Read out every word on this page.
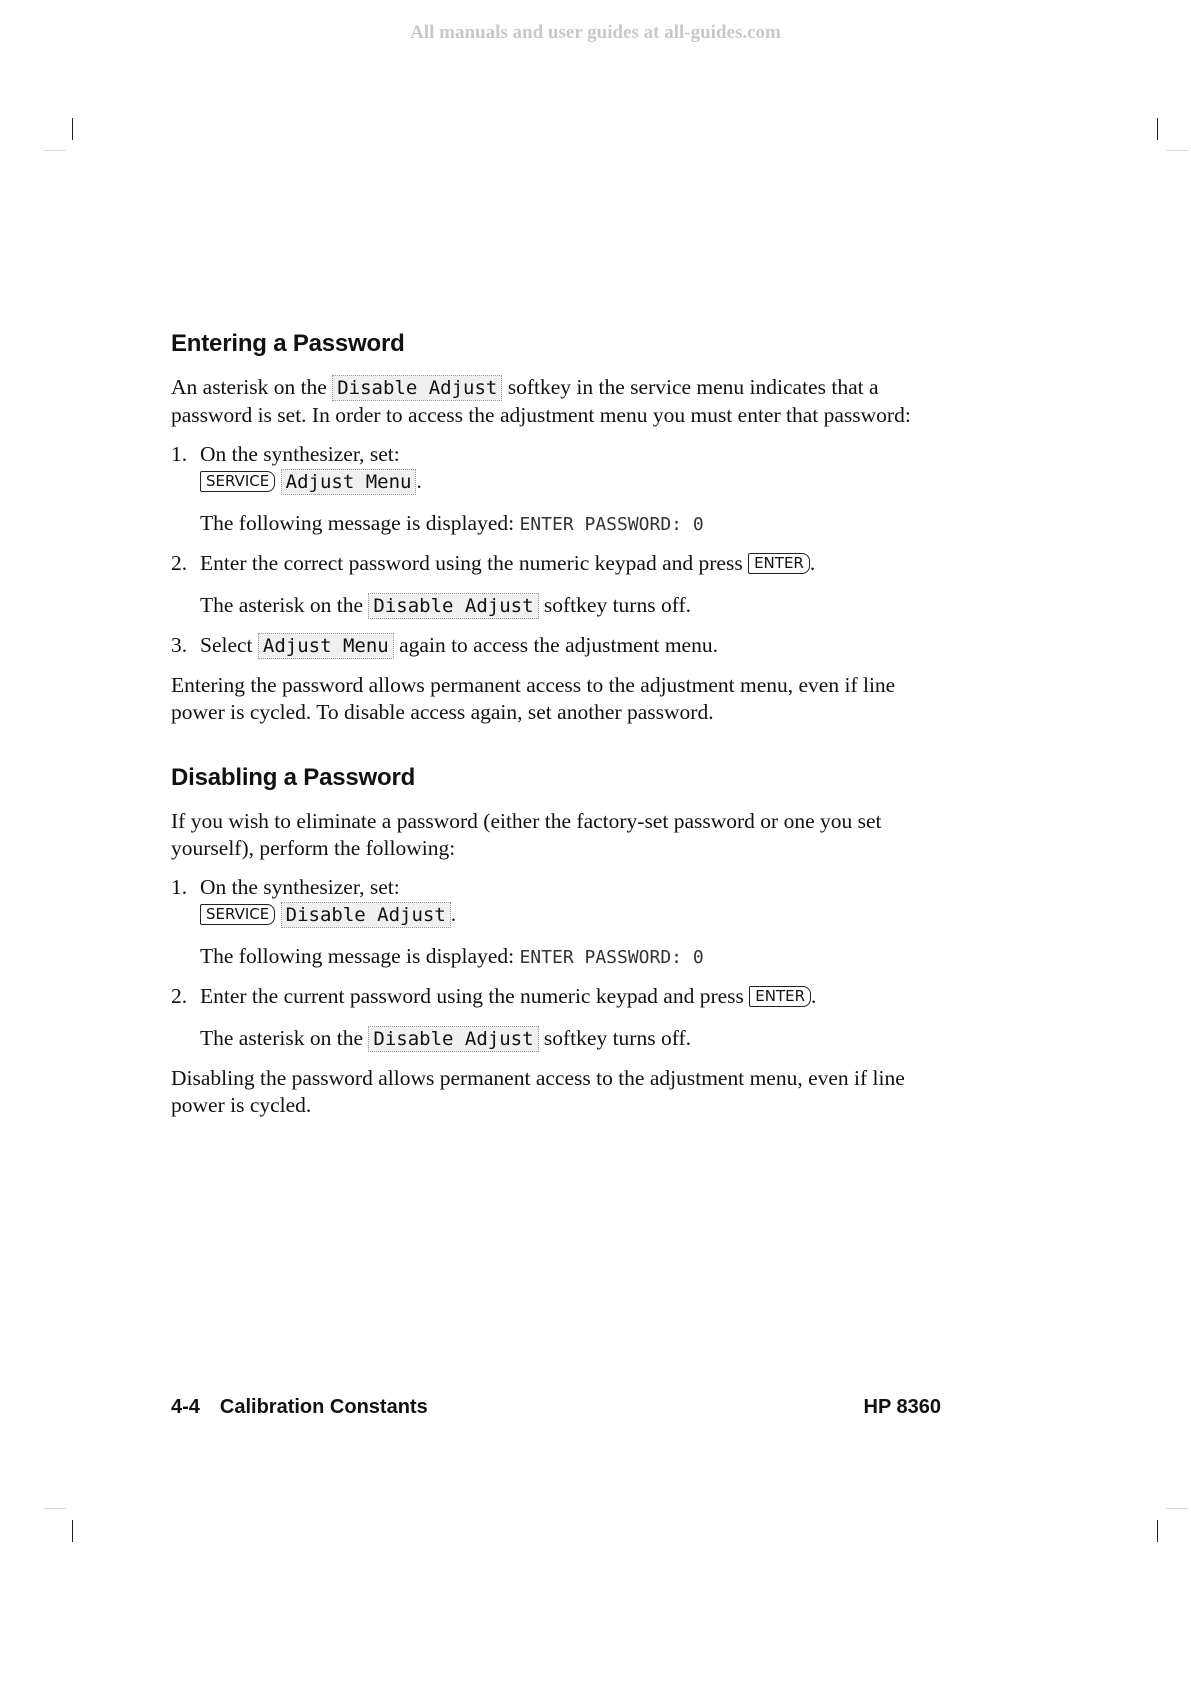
All manuals and user guides at all-guides.com
Entering a Password

An asterisk on the Disable Adjust softkey in the service menu indicates that a password is set. In order to access the adjustment menu you must enter that password:

1. On the synthesizer, set:
SERVICE Adjust Menu .
The following message is displayed: ENTER PASSWORD: 0
2. Enter the correct password using the numeric keypad and press ENTER .
The asterisk on the Disable Adjust softkey turns off.
3. Select Adjust Menu again to access the adjustment menu.

Entering the password allows permanent access to the adjustment menu, even if line power is cycled. To disable access again, set another password.

Disabling a Password

If you wish to eliminate a password (either the factory-set password or one you set yourself), perform the following:

1. On the synthesizer, set:
SERVICE Disable Adjust .
The following message is displayed: ENTER PASSWORD: 0
2. Enter the current password using the numeric keypad and press ENTER .
The asterisk on the Disable Adjust softkey turns off.

Disabling the password allows permanent access to the adjustment menu, even if line power is cycled.

4-4 Calibration Constants	HP 8360
